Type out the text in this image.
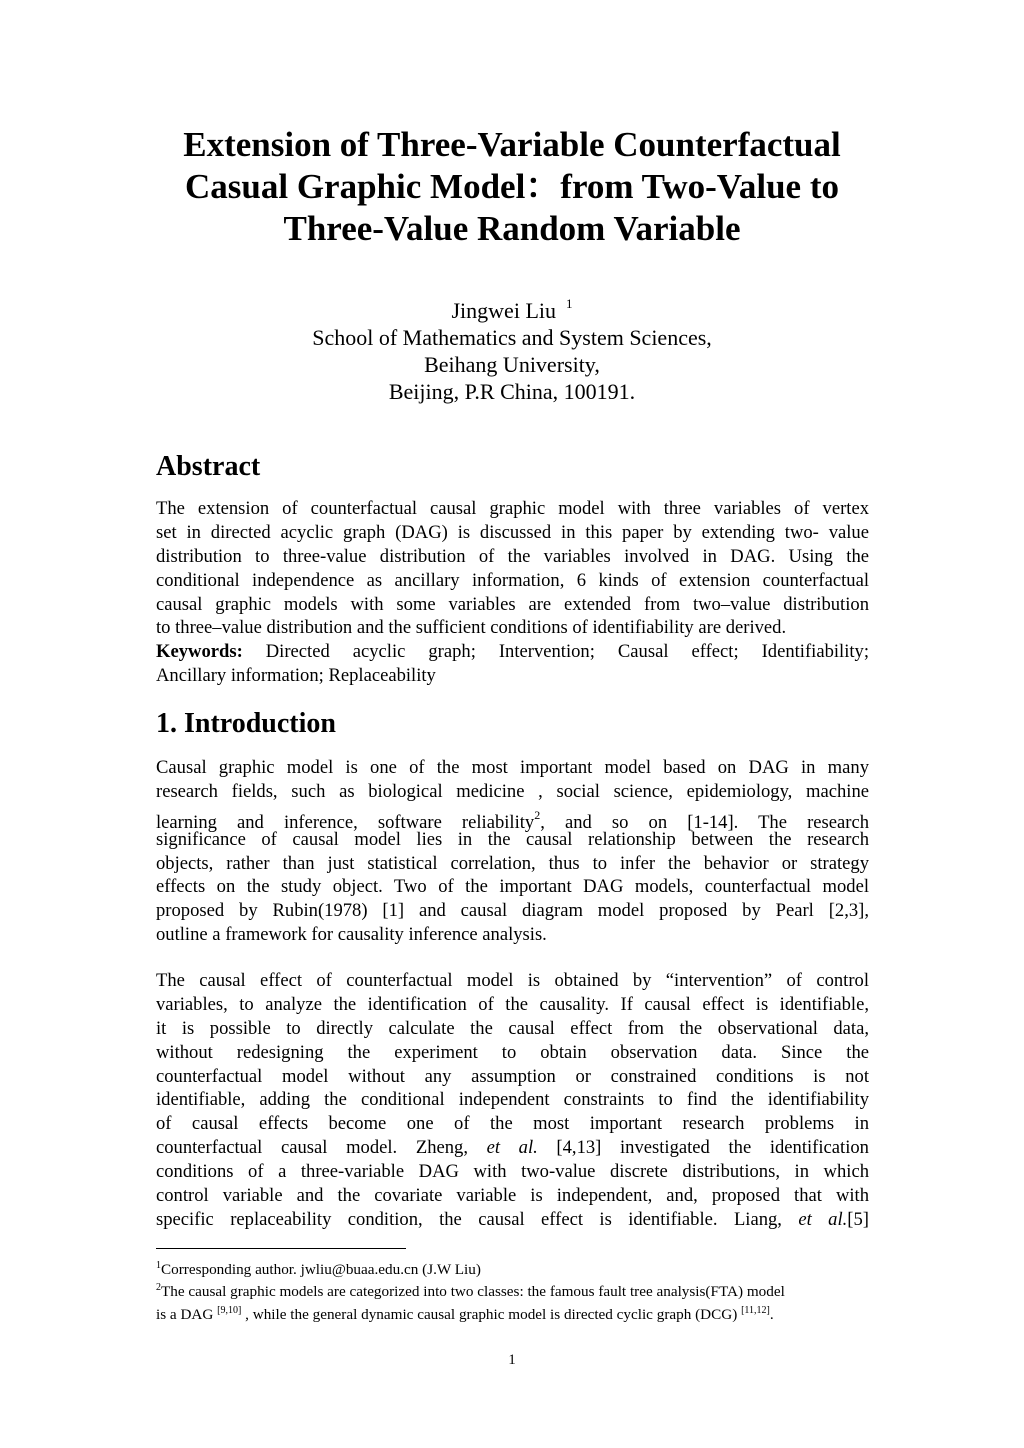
Extension of Three-Variable Counterfactual
Casual Graphic Model：from Two-Value to
Three-Value Random Variable
Jingwei Liu $^1$
School of Mathematics and System Sciences,
Beihang University,
Beijing, P.R China, 100191.
Abstract
The extension of counterfactual causal graphic model with three variables of vertex
set in directed acyclic graph (DAG) is discussed in this paper by extending two- value
distribution to three-value distribution of the variables involved in DAG. Using the
conditional independence as ancillary information, 6 kinds of extension counterfactual
causal graphic models with some variables are extended from two–value distribution
to three–value distribution and the sufficient conditions of identifiability are derived.
Keywords: Directed acyclic graph; Intervention; Causal effect; Identifiability;
Ancillary information; Replaceability
1. Introduction
Causal graphic model is one of the most important model based on DAG in many
research fields, such as biological medicine , social science, epidemiology, machine
learning and inference, software reliability$^2$, and so on [1-14]. The research
significance of causal model lies in the causal relationship between the research
objects, rather than just statistical correlation, thus to infer the behavior or strategy
effects on the study object. Two of the important DAG models, counterfactual model
proposed by Rubin(1978) [1] and causal diagram model proposed by Pearl [2,3],
outline a framework for causality inference analysis.
The causal effect of counterfactual model is obtained by “intervention” of control
variables, to analyze the identification of the causality. If causal effect is identifiable,
it is possible to directly calculate the causal effect from the observational data,
without redesigning the experiment to obtain observation data. Since the
counterfactual model without any assumption or constrained conditions is not
identifiable, adding the conditional independent constraints to find the identifiability
of causal effects become one of the most important research problems in
counterfactual causal model. Zheng, et al. [4,13] investigated the identification
conditions of a three-variable DAG with two-value discrete distributions, in which
control variable and the covariate variable is independent, and, proposed that with
specific replaceability condition, the causal effect is identifiable. Liang, et al.[5]
$^1$Corresponding author. jwliu@buaa.edu.cn (J.W Liu)
$^2$The causal graphic models are categorized into two classes: the famous fault tree analysis(FTA) model
is a DAG [9,10] , while the general dynamic causal graphic model is directed cyclic graph (DCG) [11,12].
1
